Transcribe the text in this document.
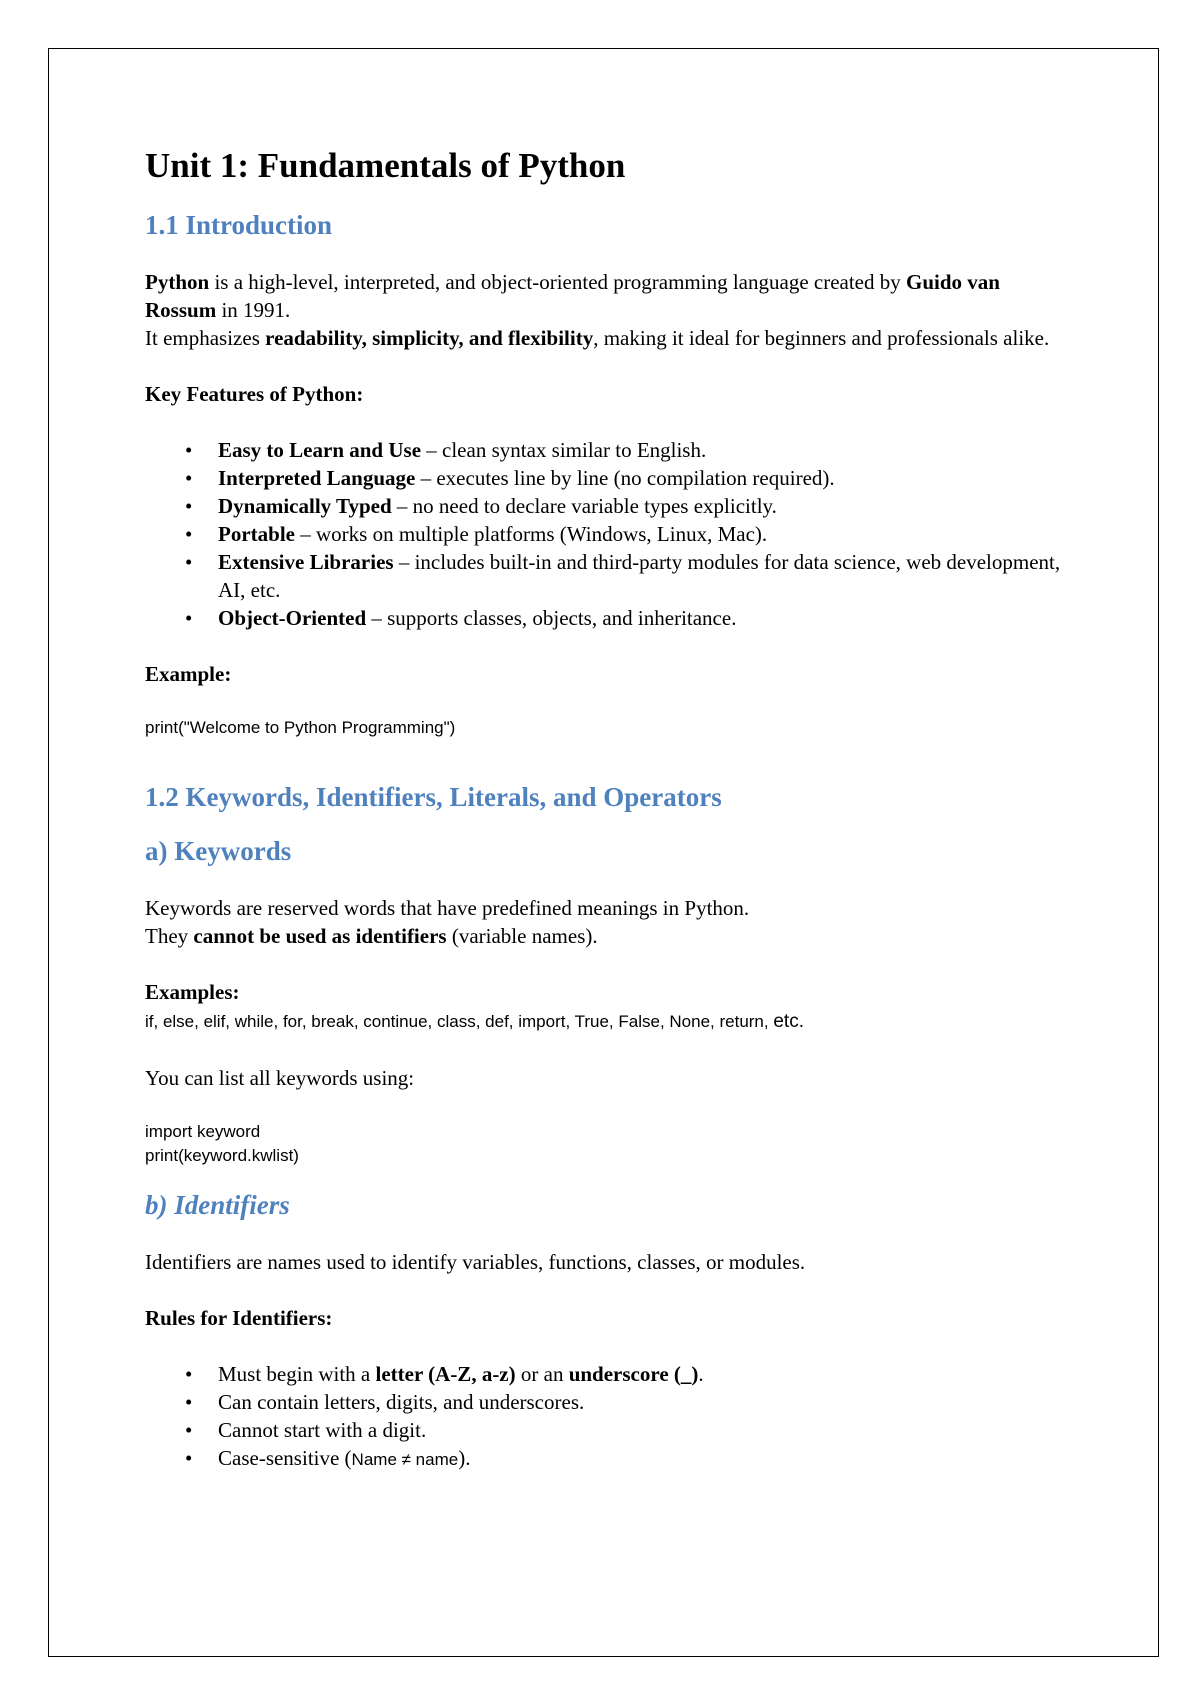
Unit 1: Fundamentals of Python
1.1 Introduction

Python is a high-level, interpreted, and object-oriented programming language created by Guido van Rossum in 1991.

It emphasizes readability, simplicity, and flexibility, making it ideal for beginners and professionals alike.

Key Features of Python:

• Easy to Learn and Use – clean syntax similar to English.
• Interpreted Language – executes line by line (no compilation required).
• Dynamically Typed – no need to declare variable types explicitly.
• Portable – works on multiple platforms (Windows, Linux, Mac).
• Extensive Libraries – includes built-in and third-party modules for data science, web development, AI, etc.
• Object-Oriented – supports classes, objects, and inheritance.

Example:

print("Welcome to Python Programming")

1.2 Keywords, Identifiers, Literals, and Operators
a) Keywords

Keywords are reserved words that have predefined meanings in Python.

They cannot be used as identifiers (variable names).

Examples:

if, else, elif, while, for, break, continue, class, def, import, True, False, None, return, etc.

You can list all keywords using:

import keyword

print(keyword.kwlist)

b) Identifiers

Identifiers are names used to identify variables, functions, classes, or modules.

Rules for Identifiers:

• Must begin with a letter (A-Z, a-z) or an underscore (_).
• Can contain letters, digits, and underscores.
• Cannot start with a digit.
• Case-sensitive (Name ≠ name).
